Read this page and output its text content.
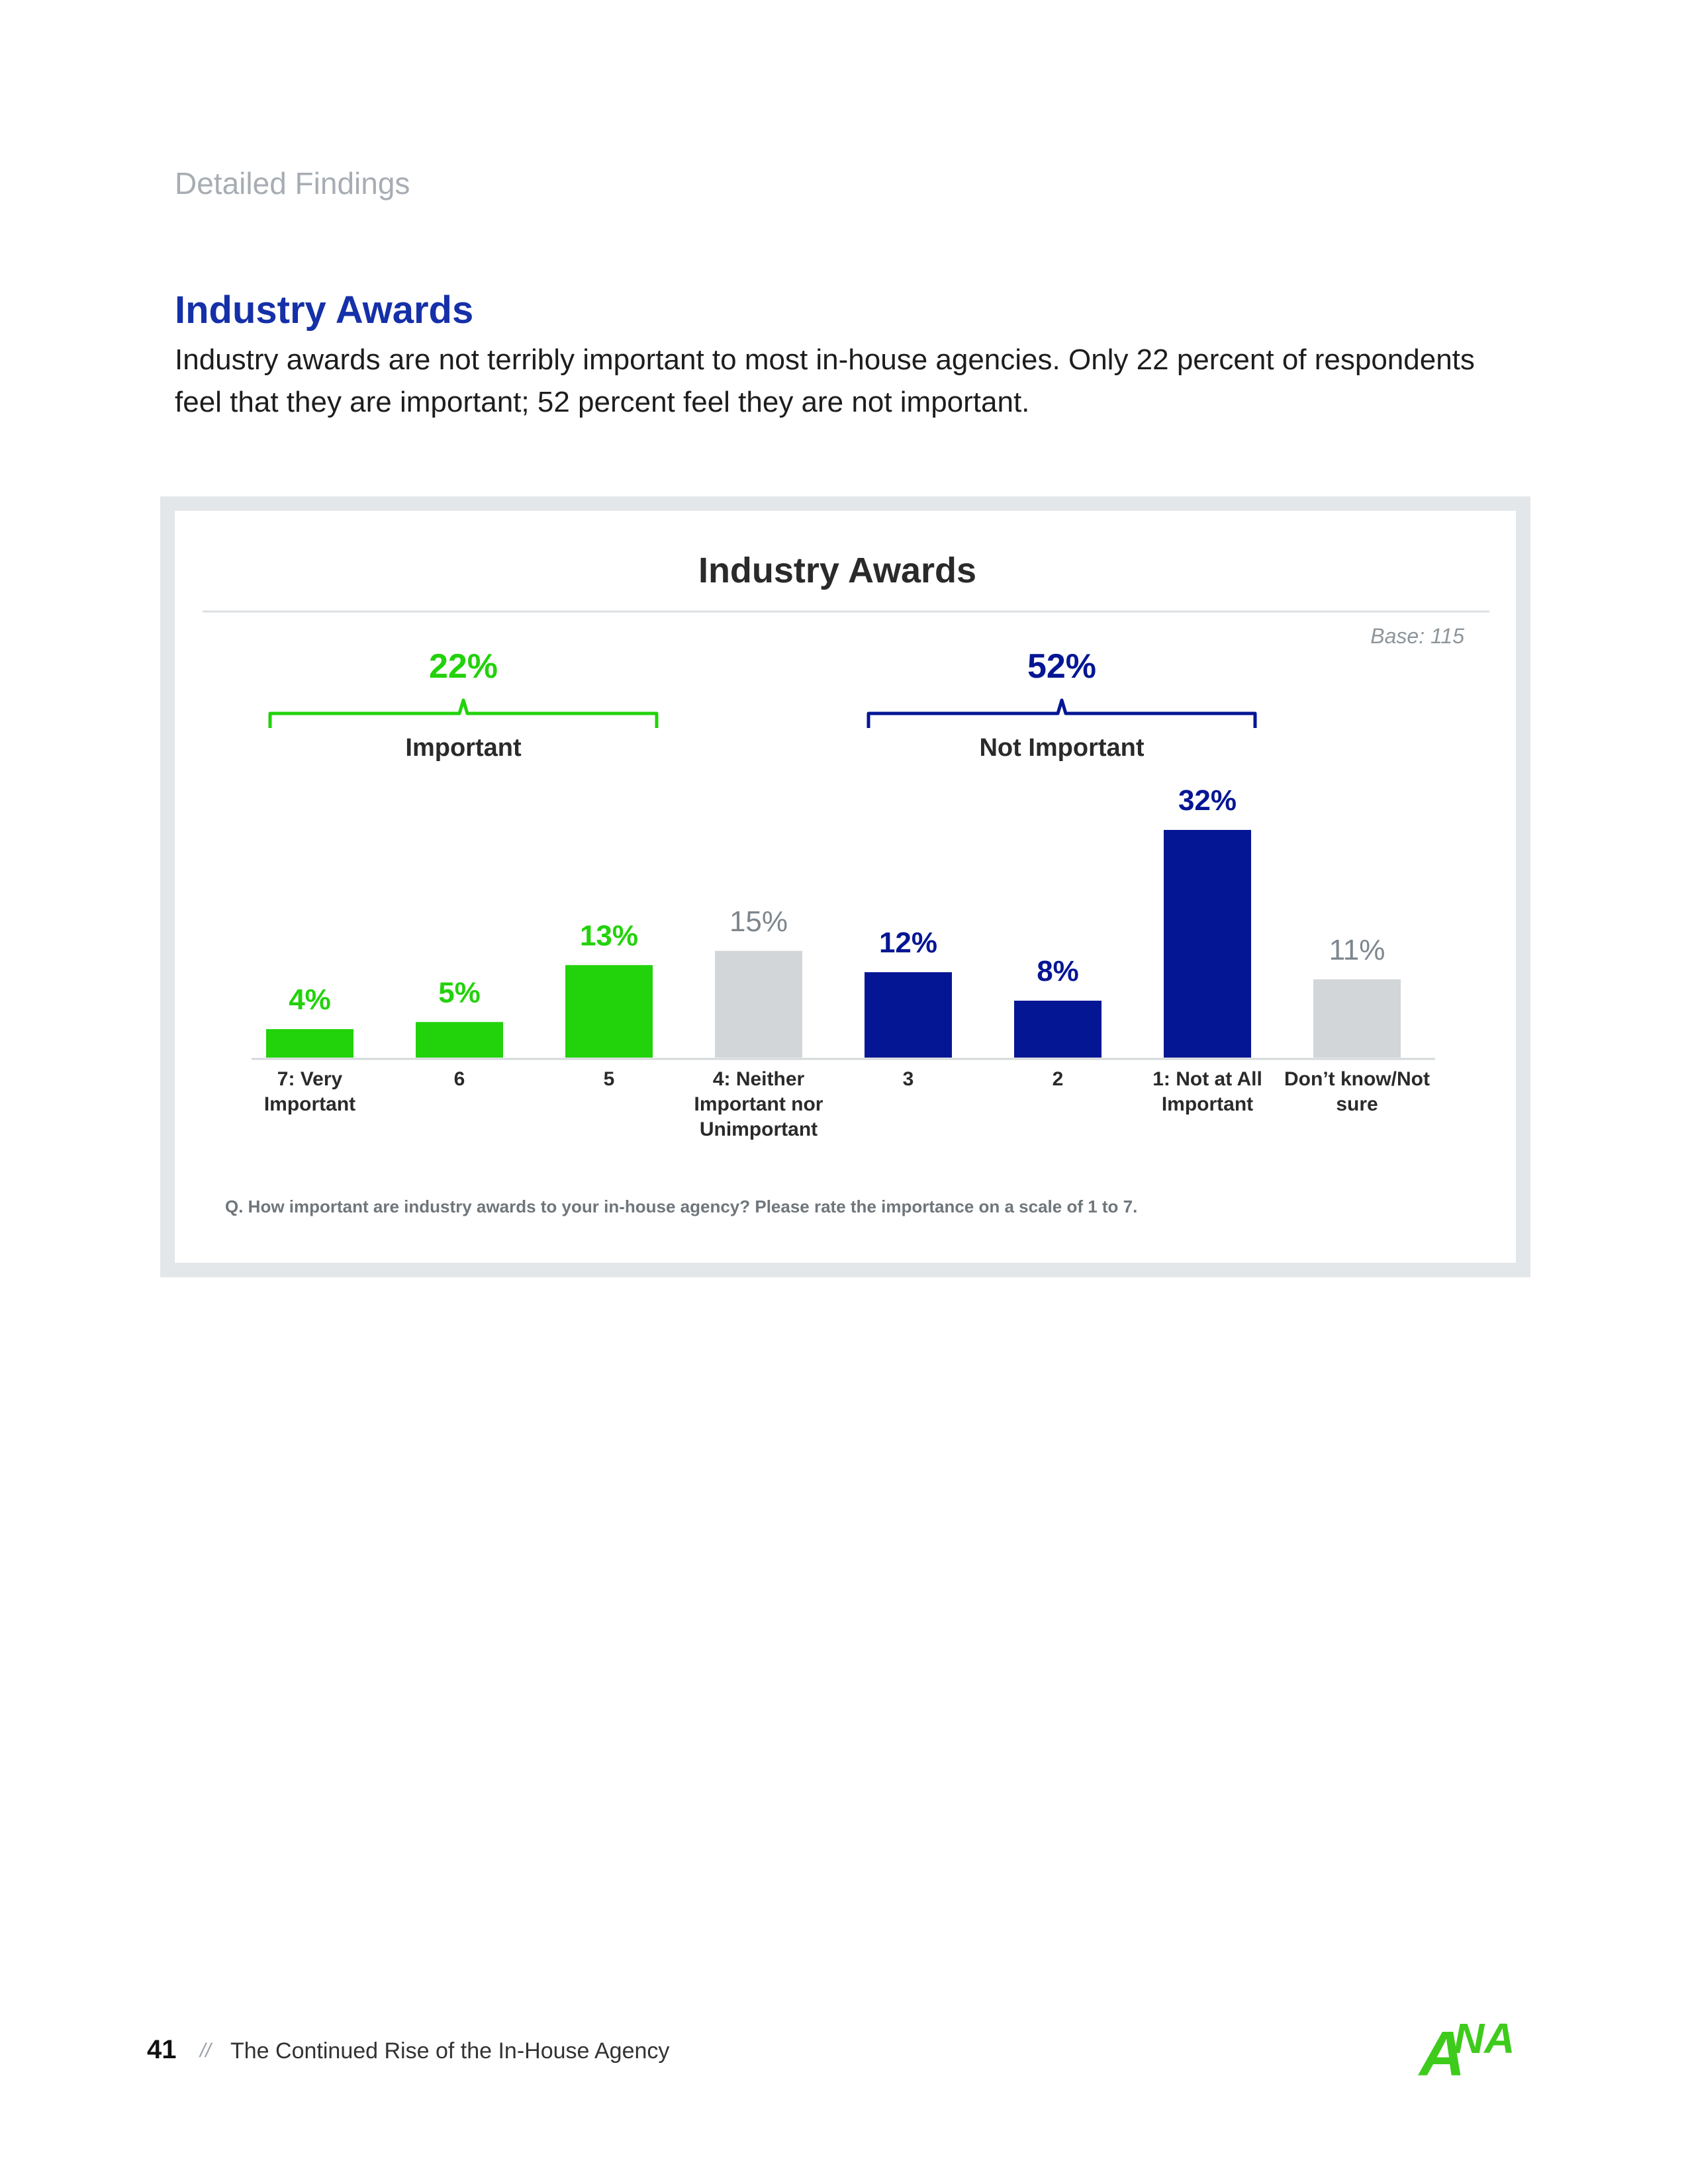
Detailed Findings
Industry Awards
Industry awards are not terribly important to most in-house agencies. Only 22 percent of respondents feel that they are important; 52 percent feel they are not important.
Industry Awards
Base: 115
4%
7: Very
Important
5%
6
13%
5
15%
4: Neither
Important nor
Unimportant
12%
3
8%
2
32%
1: Not at All
Important
11%
Don’t know/Not
sure
22%
Important
52%
Not Important
Q. How important are industry awards to your in-house agency? Please rate the importance on a scale of 1 to 7.
41 // The Continued Rise of the In-House Agency	A
NA
